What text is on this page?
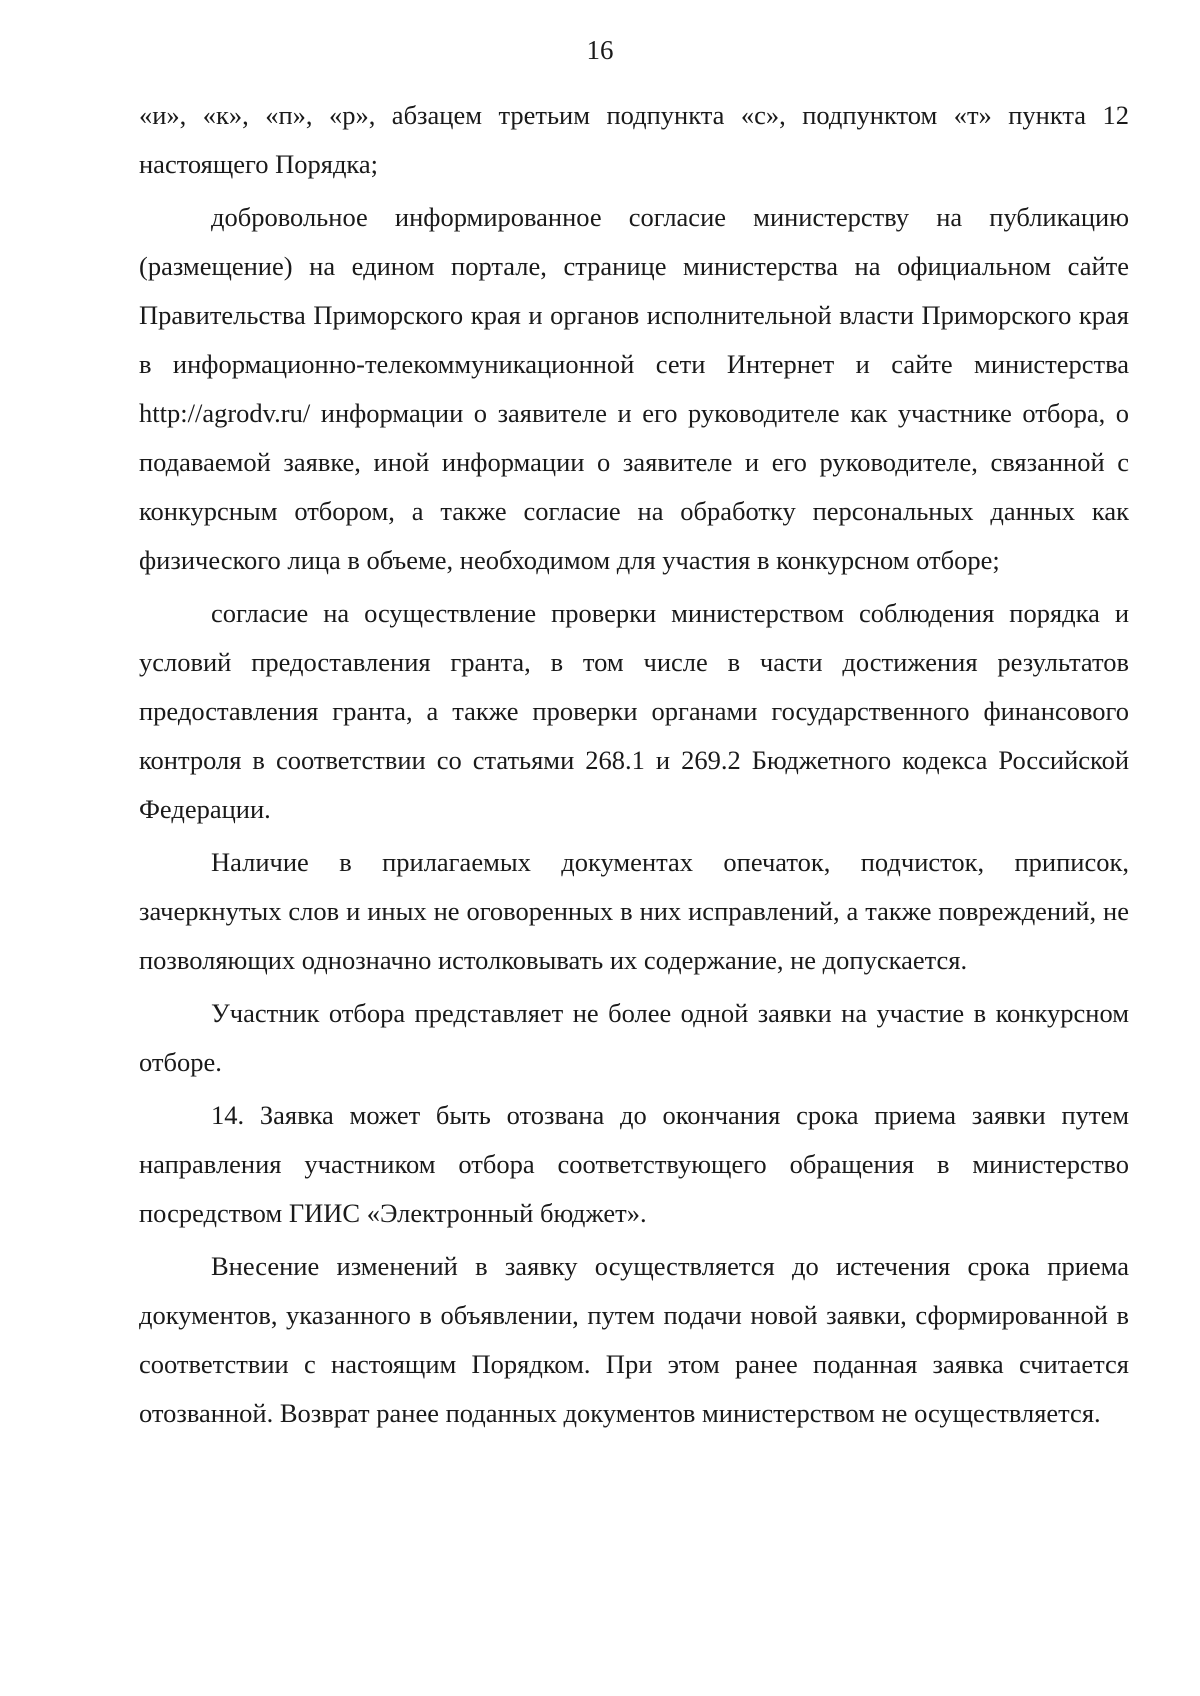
16

«и», «к», «п», «р», абзацем третьим подпункта «с», подпунктом «т» пункта 12 настоящего Порядка;

добровольное информированное согласие министерству на публикацию (размещение) на едином портале, странице министерства на официальном сайте Правительства Приморского края и органов исполнительной власти Приморского края в информационно-телекоммуникационной сети Интернет и сайте министерства http://agrodv.ru/ информации о заявителе и его руководителе как участнике отбора, о подаваемой заявке, иной информации о заявителе и его руководителе, связанной с конкурсным отбором, а также согласие на обработку персональных данных как физического лица в объеме, необходимом для участия в конкурсном отборе;

согласие на осуществление проверки министерством соблюдения порядка и условий предоставления гранта, в том числе в части достижения результатов предоставления гранта, а также проверки органами государственного финансового контроля в соответствии со статьями 268.1 и 269.2 Бюджетного кодекса Российской Федерации.

Наличие в прилагаемых документах опечаток, подчисток, приписок, зачеркнутых слов и иных не оговоренных в них исправлений, а также повреждений, не позволяющих однозначно истолковывать их содержание, не допускается.

Участник отбора представляет не более одной заявки на участие в конкурсном отборе.

14. Заявка может быть отозвана до окончания срока приема заявки путем направления участником отбора соответствующего обращения в министерство посредством ГИИС «Электронный бюджет».

Внесение изменений в заявку осуществляется до истечения срока приема документов, указанного в объявлении, путем подачи новой заявки, сформированной в соответствии с настоящим Порядком. При этом ранее поданная заявка считается отозванной. Возврат ранее поданных документов министерством не осуществляется.
